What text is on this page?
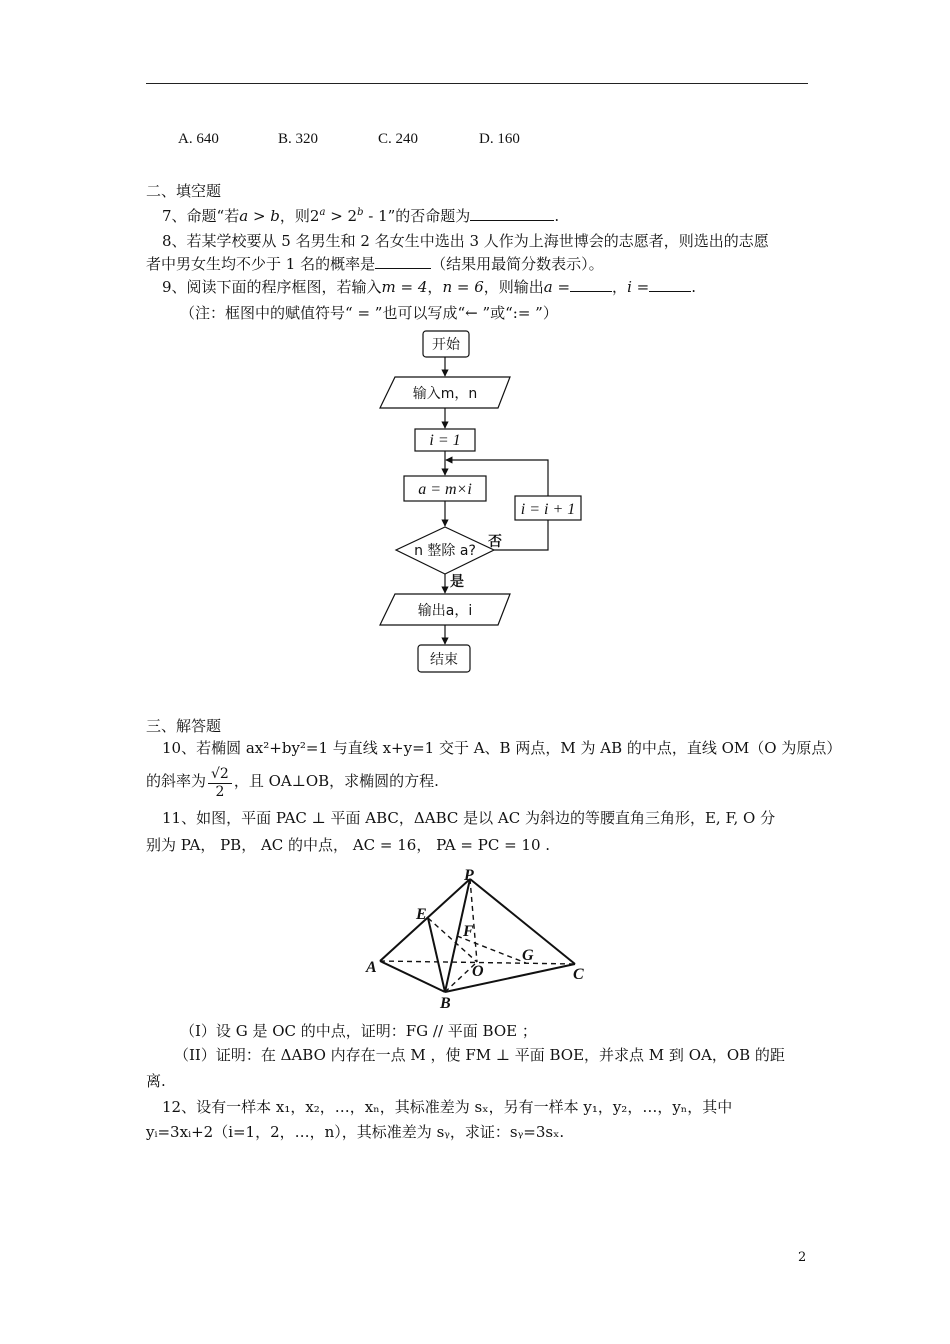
A. 640	B. 320	C. 240	D. 160
二、填空题
7、命题“若a > b，则$2^a > 2^b - 1$”的否命题为	.
8、若某学校要从 5 名男生和 2 名女生中选出 3 人作为上海世博会的志愿者，则选出的志愿
者中男女生均不少于 1 名的概率是	（结果用最简分数表示）。
9、阅读下面的程序框图，若输入m = 4，n = 6，则输出a =	，i =	.
（注：框图中的赋值符号“ = ”也可以写成“← ”或“:= ”）
开始
输入m，n
i = 1
a = m×i
i = i + 1
n 整除 a?
否
是
输出a，i
结束
三、解答题
10、若椭圆 ax²+by²=1 与直线 x+y=1 交于 A、B 两点，M 为 AB 的中点，直线 OM（O 为原点）
的斜率为 $\frac{√2}{2}$ ，且 OA⊥OB，求椭圆的方程.
11、如图，平面 PAC ⊥ 平面 ABC，ΔABC 是以 AC 为斜边的等腰直角三角形，E, F, O 分
别为 PA， PB， AC 的中点， AC = 16， PA = PC = 10 .
P
E
F
G
A	O	C
B
（I）设 G 是 OC 的中点，证明：FG // 平面 BOE ；
（II）证明：在 ΔABO 内存在一点 M ，使 FM ⊥ 平面 BOE，并求点 M 到 OA，OB 的距
离.
12、设有一样本 x₁，x₂，…，xₙ，其标准差为 sₓ，另有一样本 y₁，y₂，…，yₙ，其中
yᵢ=3xᵢ+2（i=1，2，…，n），其标准差为 sᵧ，求证：sᵧ=3sₓ.
2
